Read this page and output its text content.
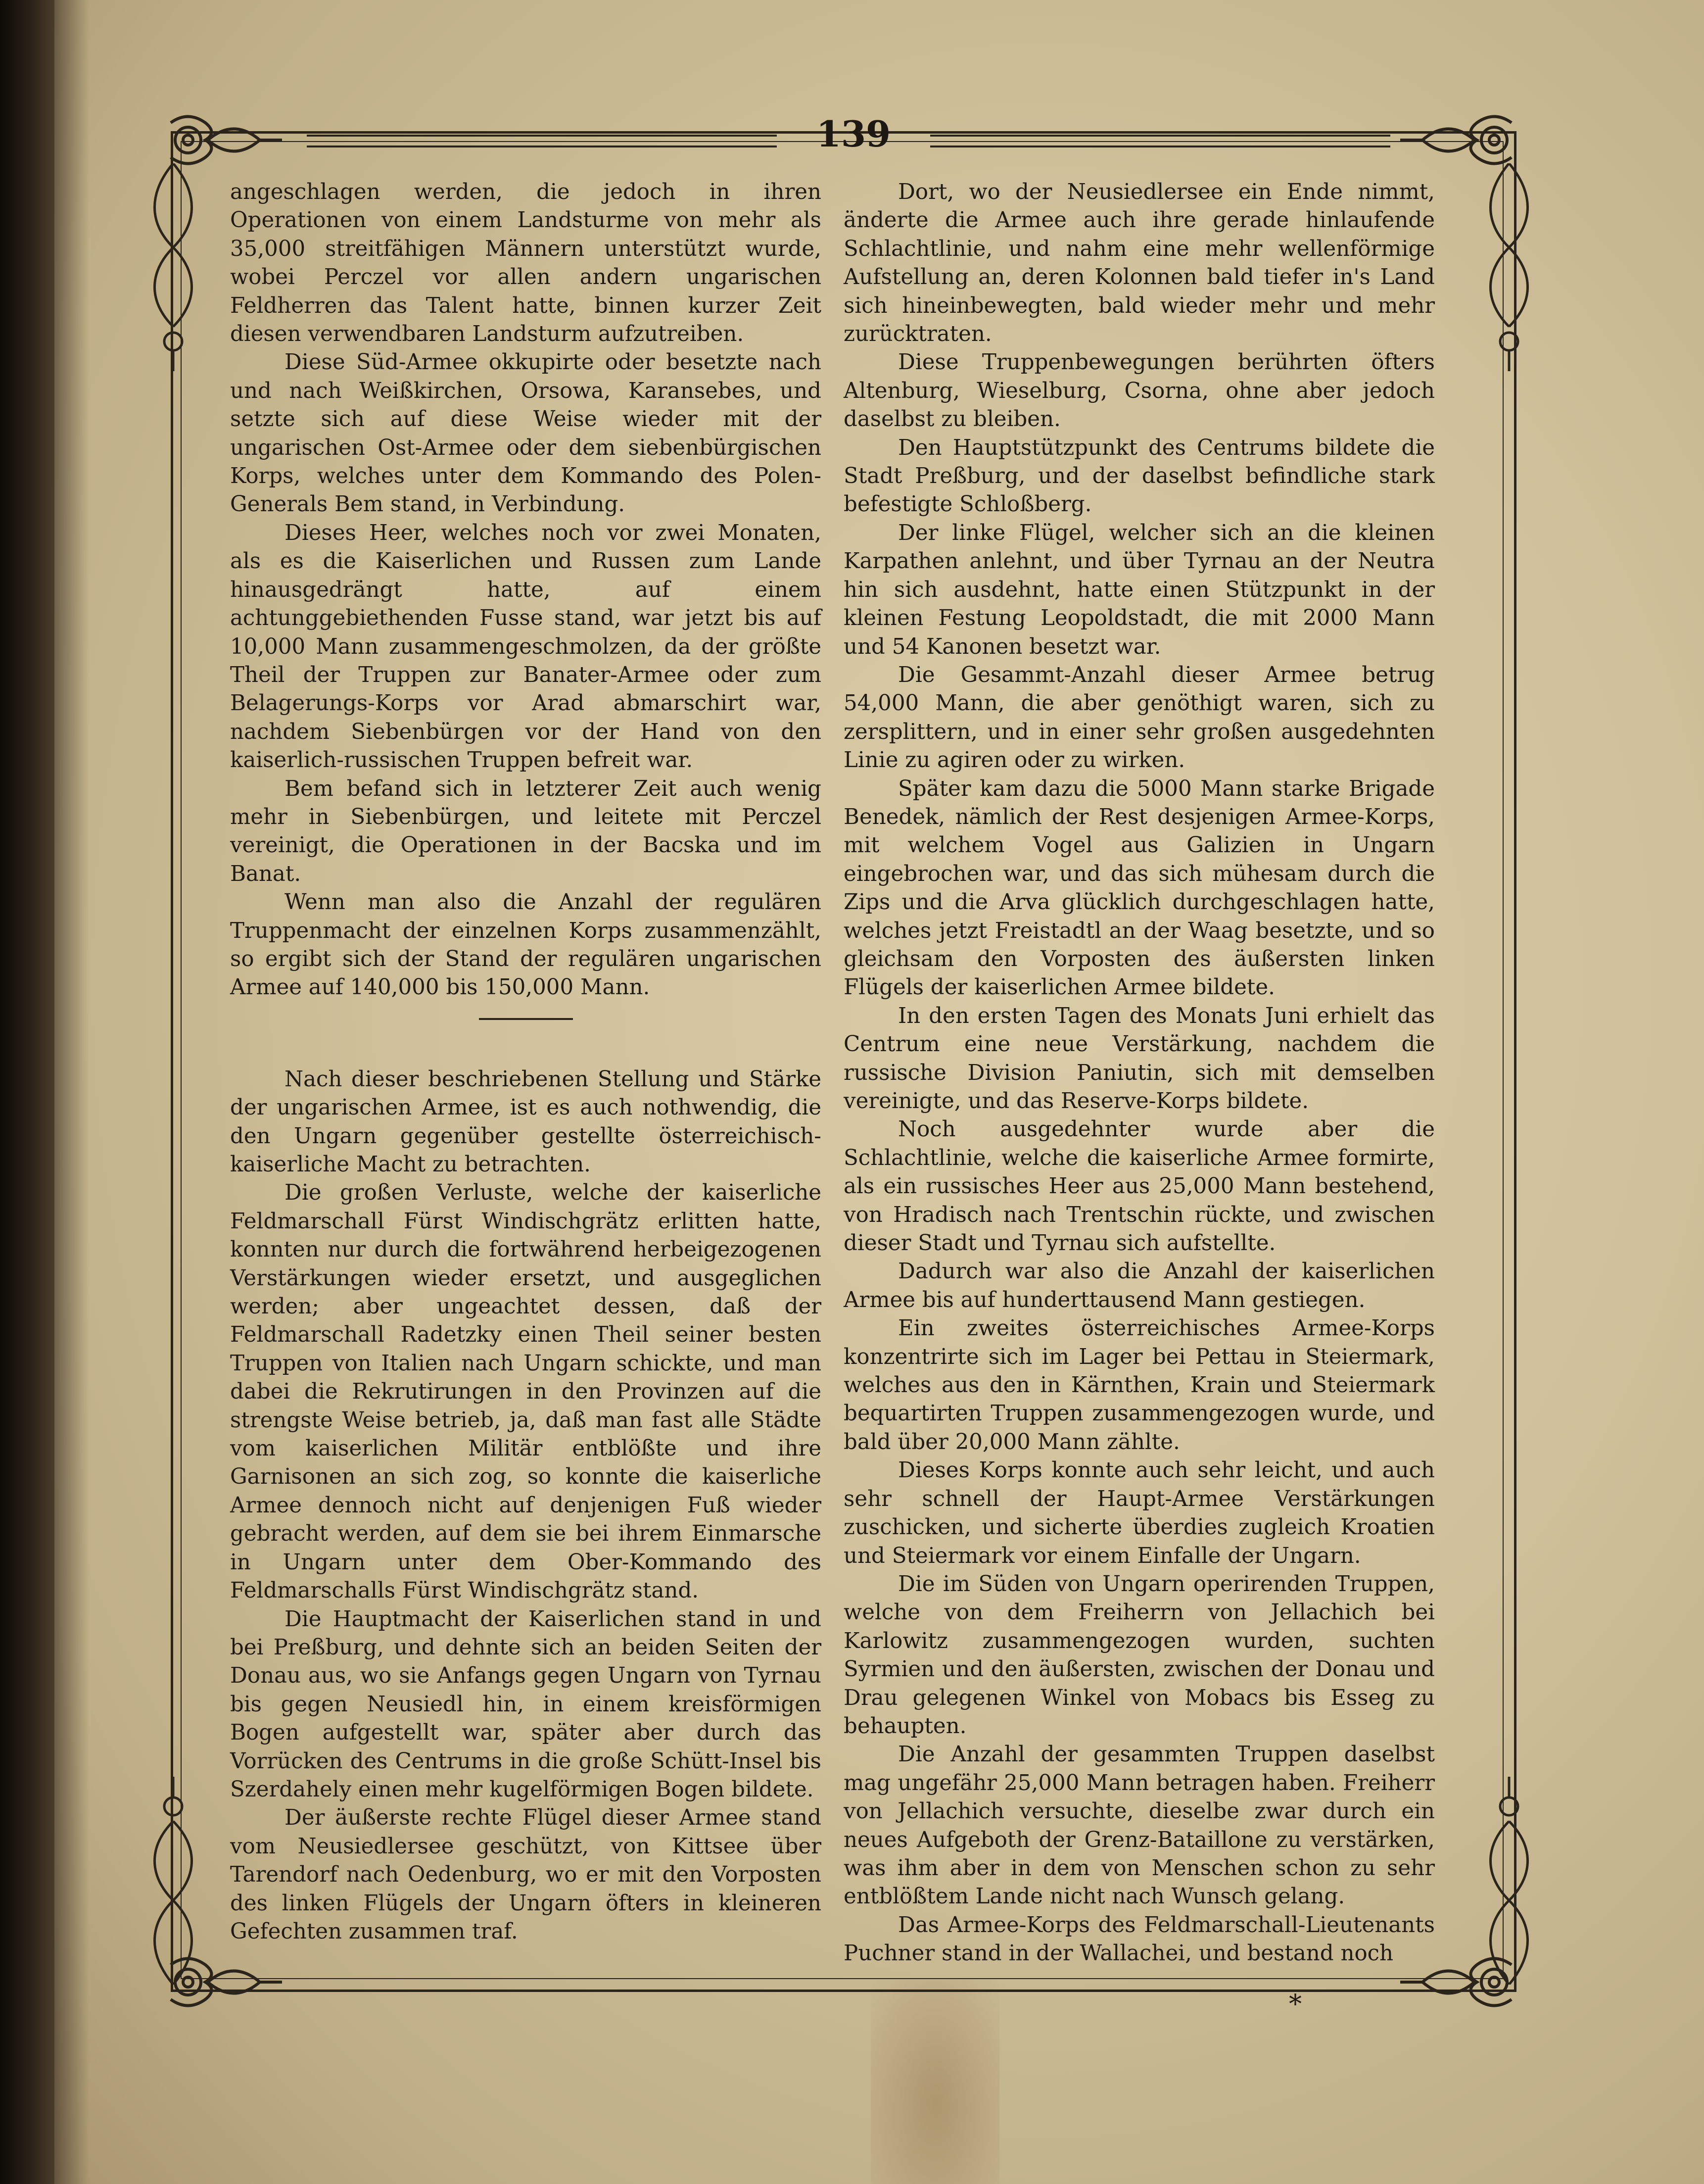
139

angeschlagen werden, die jedoch in ihren Operationen von einem Landsturme von mehr als 35,000 streitfähigen Männern unterstützt wurde, wobei Perczel vor allen andern ungarischen Feldherren das Talent hatte, binnen kurzer Zeit diesen verwendbaren Landsturm aufzutreiben.

Diese Süd-Armee okkupirte oder besetzte nach und nach Weißkirchen, Orsowa, Karansebes, und setzte sich auf diese Weise wieder mit der ungarischen Ost-Armee oder dem siebenbürgischen Korps, welches unter dem Kommando des Polen-Generals Bem stand, in Verbindung.

Dieses Heer, welches noch vor zwei Monaten, als es die Kaiserlichen und Russen zum Lande hinausgedrängt hatte, auf einem achtunggebiethenden Fusse stand, war jetzt bis auf 10,000 Mann zusammengeschmolzen, da der größte Theil der Truppen zur Banater-Armee oder zum Belagerungs-Korps vor Arad abmarschirt war, nachdem Siebenbürgen vor der Hand von den kaiserlich-russischen Truppen befreit war.

Bem befand sich in letzterer Zeit auch wenig mehr in Siebenbürgen, und leitete mit Perczel vereinigt, die Operationen in der Bacska und im Banat.

Wenn man also die Anzahl der regulären Truppenmacht der einzelnen Korps zusammenzählt, so ergibt sich der Stand der regulären ungarischen Armee auf 140,000 bis 150,000 Mann.

Nach dieser beschriebenen Stellung und Stärke der ungarischen Armee, ist es auch nothwendig, die den Ungarn gegenüber gestellte österreichisch-kaiserliche Macht zu betrachten.

Die großen Verluste, welche der kaiserliche Feldmarschall Fürst Windischgrätz erlitten hatte, konnten nur durch die fortwährend herbeigezogenen Verstärkungen wieder ersetzt, und ausgeglichen werden; aber ungeachtet dessen, daß der Feldmarschall Radetzky einen Theil seiner besten Truppen von Italien nach Ungarn schickte, und man dabei die Rekrutirungen in den Provinzen auf die strengste Weise betrieb, ja, daß man fast alle Städte vom kaiserlichen Militär entblößte und ihre Garnisonen an sich zog, so konnte die kaiserliche Armee dennoch nicht auf denjenigen Fuß wieder gebracht werden, auf dem sie bei ihrem Einmarsche in Ungarn unter dem Ober-Kommando des Feldmarschalls Fürst Windischgrätz stand.

Die Hauptmacht der Kaiserlichen stand in und bei Preßburg, und dehnte sich an beiden Seiten der Donau aus, wo sie Anfangs gegen Ungarn von Tyrnau bis gegen Neusiedl hin, in einem kreisförmigen Bogen aufgestellt war, später aber durch das Vorrücken des Centrums in die große Schütt-Insel bis Szerdahely einen mehr kugelförmigen Bogen bildete.

Der äußerste rechte Flügel dieser Armee stand vom Neusiedlersee geschützt, von Kittsee über Tarendorf nach Oedenburg, wo er mit den Vorposten des linken Flügels der Ungarn öfters in kleineren Gefechten zusammen traf.

Dort, wo der Neusiedlersee ein Ende nimmt, änderte die Armee auch ihre gerade hinlaufende Schlachtlinie, und nahm eine mehr wellenförmige Aufstellung an, deren Kolonnen bald tiefer in's Land sich hineinbewegten, bald wieder mehr und mehr zurücktraten.

Diese Truppenbewegungen berührten öfters Altenburg, Wieselburg, Csorna, ohne aber jedoch daselbst zu bleiben.

Den Hauptstützpunkt des Centrums bildete die Stadt Preßburg, und der daselbst befindliche stark befestigte Schloßberg.

Der linke Flügel, welcher sich an die kleinen Karpathen anlehnt, und über Tyrnau an der Neutra hin sich ausdehnt, hatte einen Stützpunkt in der kleinen Festung Leopoldstadt, die mit 2000 Mann und 54 Kanonen besetzt war.

Die Gesammt-Anzahl dieser Armee betrug 54,000 Mann, die aber genöthigt waren, sich zu zersplittern, und in einer sehr großen ausgedehnten Linie zu agiren oder zu wirken.

Später kam dazu die 5000 Mann starke Brigade Benedek, nämlich der Rest desjenigen Armee-Korps, mit welchem Vogel aus Galizien in Ungarn eingebrochen war, und das sich mühesam durch die Zips und die Arva glücklich durchgeschlagen hatte, welches jetzt Freistadtl an der Waag besetzte, und so gleichsam den Vorposten des äußersten linken Flügels der kaiserlichen Armee bildete.

In den ersten Tagen des Monats Juni erhielt das Centrum eine neue Verstärkung, nachdem die russische Division Paniutin, sich mit demselben vereinigte, und das Reserve-Korps bildete.

Noch ausgedehnter wurde aber die Schlachtlinie, welche die kaiserliche Armee formirte, als ein russisches Heer aus 25,000 Mann bestehend, von Hradisch nach Trentschin rückte, und zwischen dieser Stadt und Tyrnau sich aufstellte.

Dadurch war also die Anzahl der kaiserlichen Armee bis auf hunderttausend Mann gestiegen.

Ein zweites österreichisches Armee-Korps konzentrirte sich im Lager bei Pettau in Steiermark, welches aus den in Kärnthen, Krain und Steiermark bequartirten Truppen zusammengezogen wurde, und bald über 20,000 Mann zählte.

Dieses Korps konnte auch sehr leicht, und auch sehr schnell der Haupt-Armee Verstärkungen zuschicken, und sicherte überdies zugleich Kroatien und Steiermark vor einem Einfalle der Ungarn.

Die im Süden von Ungarn operirenden Truppen, welche von dem Freiherrn von Jellachich bei Karlowitz zusammengezogen wurden, suchten Syrmien und den äußersten, zwischen der Donau und Drau gelegenen Winkel von Mobacs bis Esseg zu behaupten.

Die Anzahl der gesammten Truppen daselbst mag ungefähr 25,000 Mann betragen haben. Freiherr von Jellachich versuchte, dieselbe zwar durch ein neues Aufgeboth der Grenz-Bataillone zu verstärken, was ihm aber in dem von Menschen schon zu sehr entblößtem Lande nicht nach Wunsch gelang.

Das Armee-Korps des Feldmarschall-Lieutenants Puchner stand in der Wallachei, und bestand noch

*
